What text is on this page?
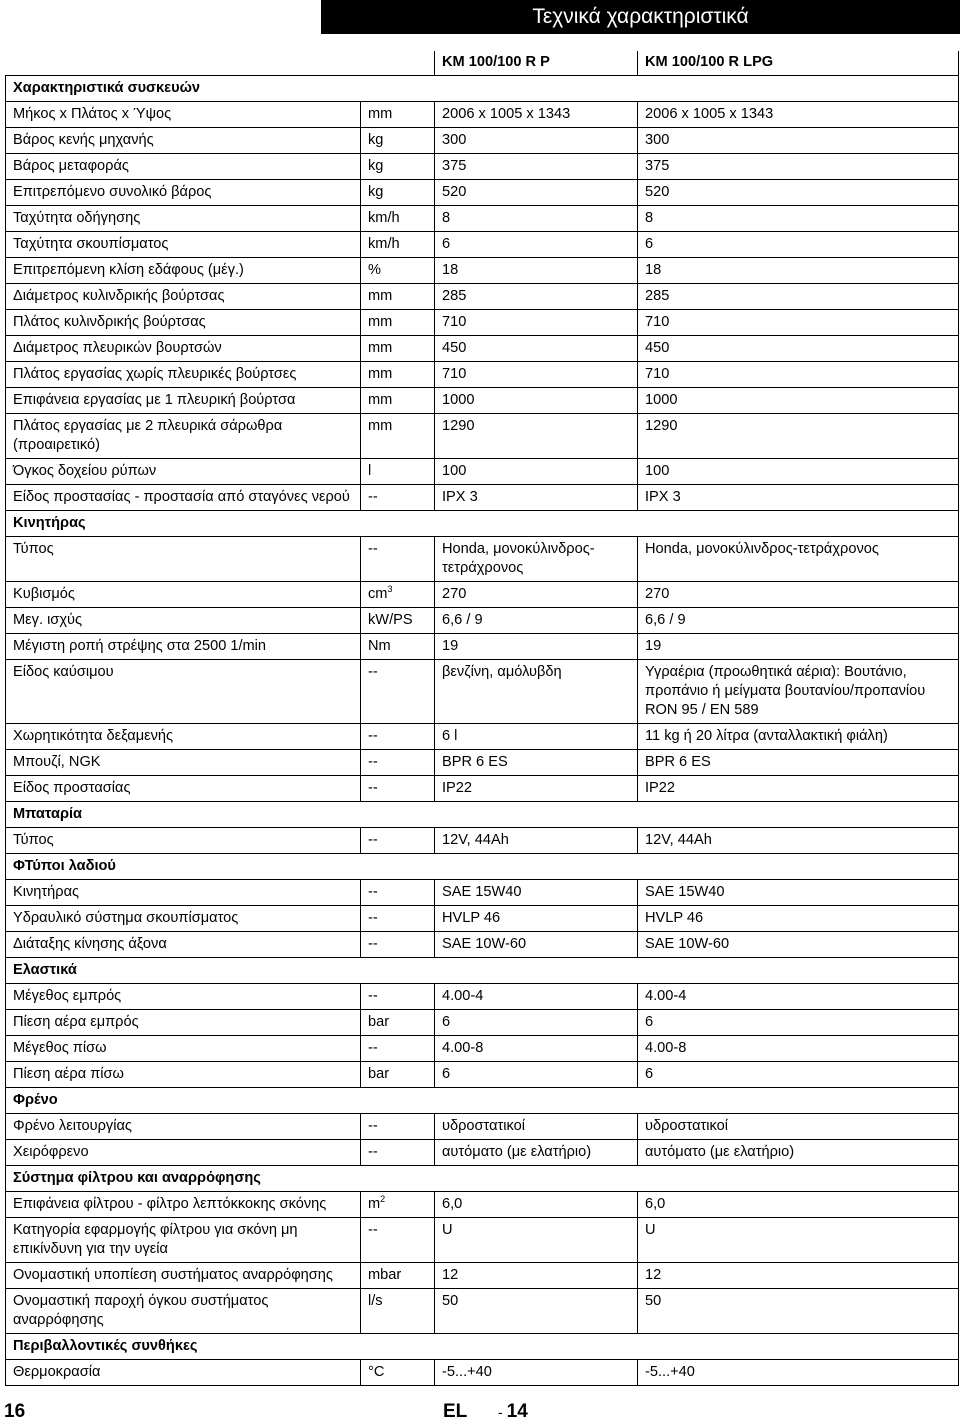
Τεχνικά χαρακτηριστικά
		KM 100/100 R P	KM 100/100 R LPG
Χαρακτηριστικά συσκευών			
Μήκος x Πλάτος x Ύψος	mm	2006 x 1005 x 1343	2006 x 1005 x 1343
Βάρος κενής μηχανής	kg	300	300
Βάρος μεταφοράς	kg	375	375
Επιτρεπόμενο συνολικό βάρος	kg	520	520
Ταχύτητα οδήγησης	km/h	8	8
Ταχύτητα σκουπίσματος	km/h	6	6
Επιτρεπόμενη κλίση εδάφους (μέγ.)	%	18	18
Διάμετρος κυλινδρικής βούρτσας	mm	285	285
Πλάτος κυλινδρικής βούρτσας	mm	710	710
Διάμετρος πλευρικών βουρτσών	mm	450	450
Πλάτος εργασίας χωρίς πλευρικές βούρτσες	mm	710	710
Επιφάνεια εργασίας με 1 πλευρική βούρτσα	mm	1000	1000
Πλάτος εργασίας με 2 πλευρικά σάρωθρα (προαιρετικό)	mm	1290	1290
Όγκος δοχείου ρύπων	l	100	100
Είδος προστασίας - προστασία από σταγόνες νερού	--	IPX 3	IPX 3
Κινητήρας			
Τύπος	--	Honda, μονοκύλινδρος-τετράχρονος	Honda, μονοκύλινδρος-τετράχρονος
Κυβισμός	$cm^3$	270	270
Μεγ. ισχύς	kW/PS	6,6 / 9	6,6 / 9
Μέγιστη ροπή στρέψης στα 2500 1/min	Nm	19	19
Είδος καύσιμου	--	βενζίνη, αμόλυβδη	Υγραέρια (προωθητικά αέρια): Βουτάνιο, προπάνιο ή μείγματα βουτανίου/προπανίου RON 95 / EN 589
Χωρητικότητα δεξαμενής	--	6 l	11 kg ή 20 λίτρα (ανταλλακτική φιάλη)
Μπουζί, NGK	--	BPR 6 ES	BPR 6 ES
Είδος προστασίας	--	IP22	IP22
Μπαταρία			
Τύπος	--	12V, 44Ah	12V, 44Ah
ΦΤύποι λαδιού			
Κινητήρας	--	SAE 15W40	SAE 15W40
Υδραυλικό σύστημα σκουπίσματος	--	HVLP 46	HVLP 46
Διάταξης κίνησης άξονα	--	SAE 10W-60	SAE 10W-60
Ελαστικά			
Μέγεθος εμπρός	--	4.00-4	4.00-4
Πίεση αέρα εμπρός	bar	6	6
Μέγεθος πίσω	--	4.00-8	4.00-8
Πίεση αέρα πίσω	bar	6	6
Φρένο			
Φρένο λειτουργίας	--	υδροστατικοί	υδροστατικοί
Χειρόφρενο	--	αυτόματο (με ελατήριο)	αυτόματο (με ελατήριο)
Σύστημα φίλτρου και αναρρόφησης			
Επιφάνεια φίλτρου - φίλτρο λεπτόκκοκης σκόνης	$m^2$	6,0	6,0
Κατηγορία εφαρμογής φίλτρου για σκόνη μη επικίνδυνη για την υγεία	--	U	U
Ονομαστική υποπίεση συστήματος αναρρόφησης	mbar	12	12
Ονομαστική παροχή όγκου συστήματος αναρρόφησης	l/s	50	50
Περιβαλλοντικές συνθήκες			
Θερμοκρασία	°C	-5...+40	-5...+40
16	EL - 14
